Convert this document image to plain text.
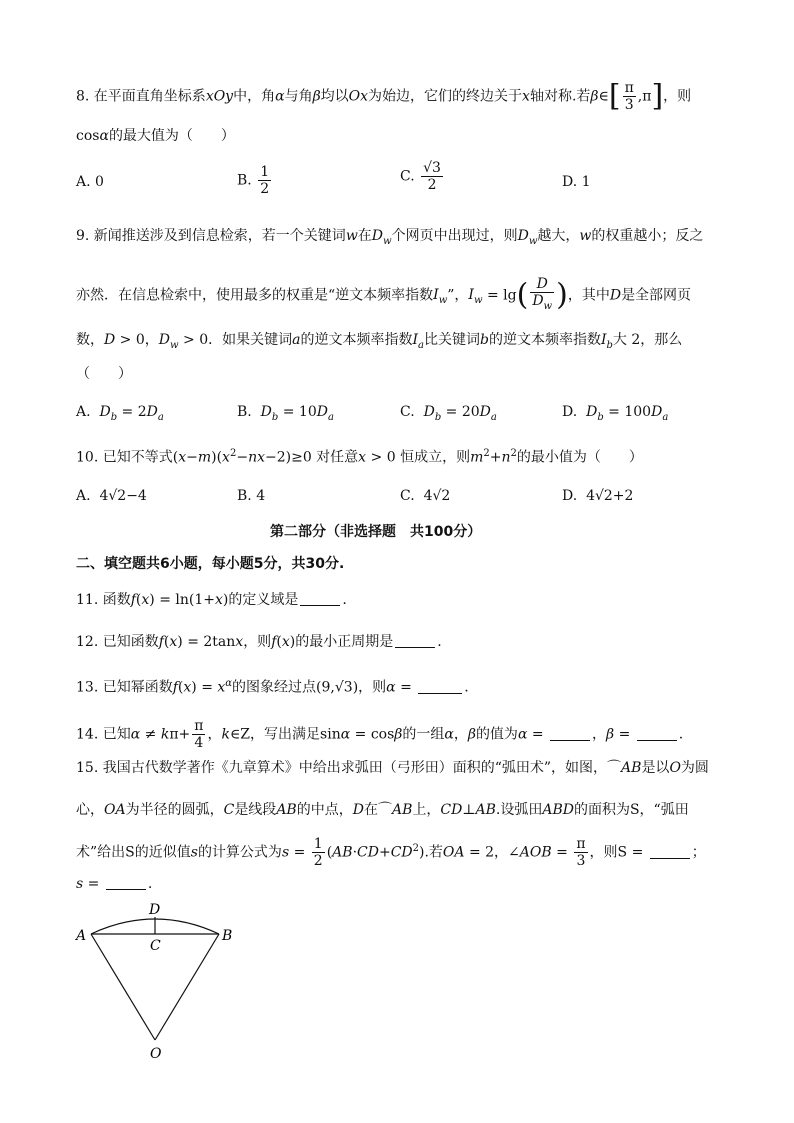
8. 在平面直角坐标系xOy中，角α与角β均以Ox为始边，它们的终边关于x轴对称.若β∈[ $\frac{\pi}{3} ,\pi$]，则
cosα的最大值为（　　）
A. 0	B. $\frac{1}{2}$	C. $\frac{√3}{2}$	D. 1
9. 新闻推送涉及到信息检索，若一个关键词w在$D_w$个网页中出现过，则$D_w$越大，w的权重越小；反之
亦然．在信息检索中，使用最多的权重是“逆文本频率指数$I_w$”，$I_w = \lg( \frac{D}{D_w}$ )，其中D是全部网页
数，D > 0，$D_w > 0$．如果关键词a的逆文本频率指数$I_a$比关键词b的逆文本频率指数$I_b$大 2，那么
（　　）
A.  $D_b = 2D_a$	B.  $D_b = 10D_a$	C.  $D_b = 20D_a$	D.  $D_b = 100D_a$
10. 已知不等式$(x-m)(x^2-nx-2)\ge 0$ 对任意x > 0 恒成立，则$m^2+n^2$的最小值为（　　）
A.  4√2−4	B. 4	C.  4√2	D.  4√2+2
第二部分（非选择题　共100分）
二、填空题共6小题，每小题5分，共30分.
11. 函数f(x) = ln(1+x)的定义域是	.
12. 已知函数f(x) = 2tanx，则f(x)的最小正周期是	.
13. 已知幂函数$f(x) = x^\alpha$的图象经过点(9,√3)，则α =	.
14. 已知$\alpha \ne k\pi+ \frac{\pi}{4}$ ，k∈Z，写出满足sinα = cosβ的一组α，β的值为α =	，β =	.
15. 我国古代数学著作《九章算术》中给出求弧田（弓形田）面积的“弧田术”，如图，⌒AB是以O为圆
心，OA为半径的圆弧，C是线段AB的中点，D在⌒AB上，CD⊥AB.设弧田ABD的面积为S，“弧田
术”给出S的近似值s的计算公式为$s = \frac{1}{2} (AB\cdot CD+CD^2)$.若OA = 2，∠AOB = $\frac{\pi}{3}$ ，则S =	；
s =	.
A	B
C
D
O
